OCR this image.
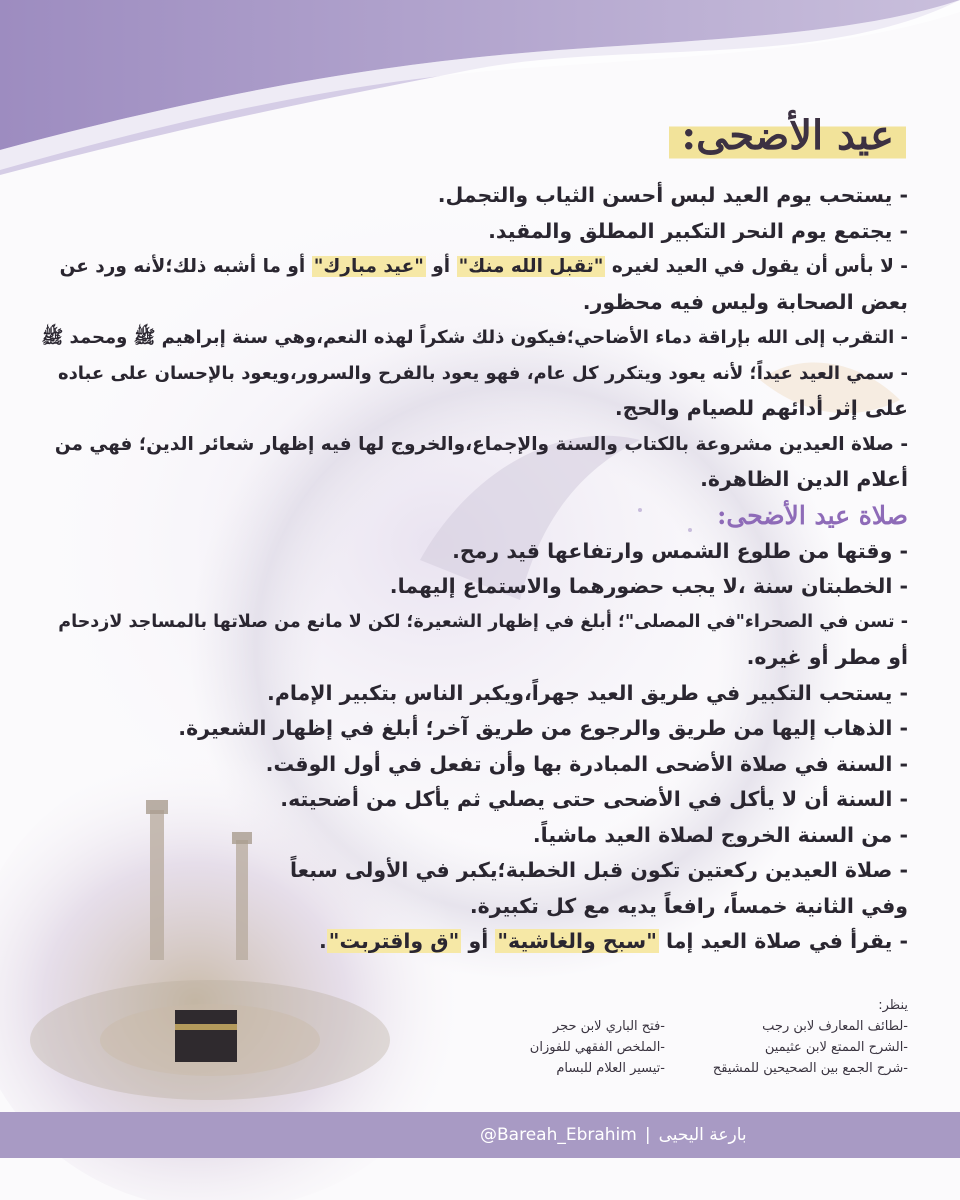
عيد الأضحى:
- يستحب يوم العيد لبس أحسن الثياب والتجمل.
- يجتمع يوم النحر التكبير المطلق والمقيد.
- لا بأس أن يقول في العيد لغيره "تقبل الله منك" أو "عيد مبارك" أو ما أشبه ذلك؛لأنه ورد عن
بعض الصحابة وليس فيه محظور.
- التقرب إلى الله بإراقة دماء الأضاحي؛فيكون ذلك شكراً لهذه النعم،وهي سنة إبراهيم ﷺ ومحمد ﷺ
- سمي العيد عيداً؛ لأنه يعود ويتكرر كل عام، فهو يعود بالفرح والسرور،ويعود بالإحسان على عباده
على إثر أدائهم للصيام والحج.
- صلاة العيدين مشروعة بالكتاب والسنة والإجماع،والخروج لها فيه إظهار شعائر الدين؛ فهي من
أعلام الدين الظاهرة.
صلاة عيد الأضحى:
- وقتها من طلوع الشمس وارتفاعها قيد رمح.
- الخطبتان سنة ،لا يجب حضورهما والاستماع إليهما.
- تسن في الصحراء"في المصلى"؛ أبلغ في إظهار الشعيرة؛ لكن لا مانع من صلاتها بالمساجد لازدحام
أو مطر أو غيره.
- يستحب التكبير في طريق العيد جهراً،ويكبر الناس بتكبير الإمام.
- الذهاب إليها من طريق والرجوع من طريق آخر؛ أبلغ في إظهار الشعيرة.
- السنة في صلاة الأضحى المبادرة بها وأن تفعل في أول الوقت.
- السنة أن لا يأكل في الأضحى حتى يصلي ثم يأكل من أضحيته.
- من السنة الخروج لصلاة العيد ماشياً.
- صلاة العيدين ركعتين تكون قبل الخطبة؛يكبر في الأولى سبعاً
وفي الثانية خمساً، رافعاً يديه مع كل تكبيرة.
- يقرأ في صلاة العيد إما "سبح والغاشية" أو "ق واقتربت".
ينظر:
-لطائف المعارف لابن رجب
-الشرح الممتع لابن عثيمين
-شرح الجمع بين الصحيحين للمشيقح
-فتح الباري لابن حجر
-الملخص الفقهي للفوزان
-تيسير العلام للبسام
@Bareah_Ebrahim | بارعة اليحيى
